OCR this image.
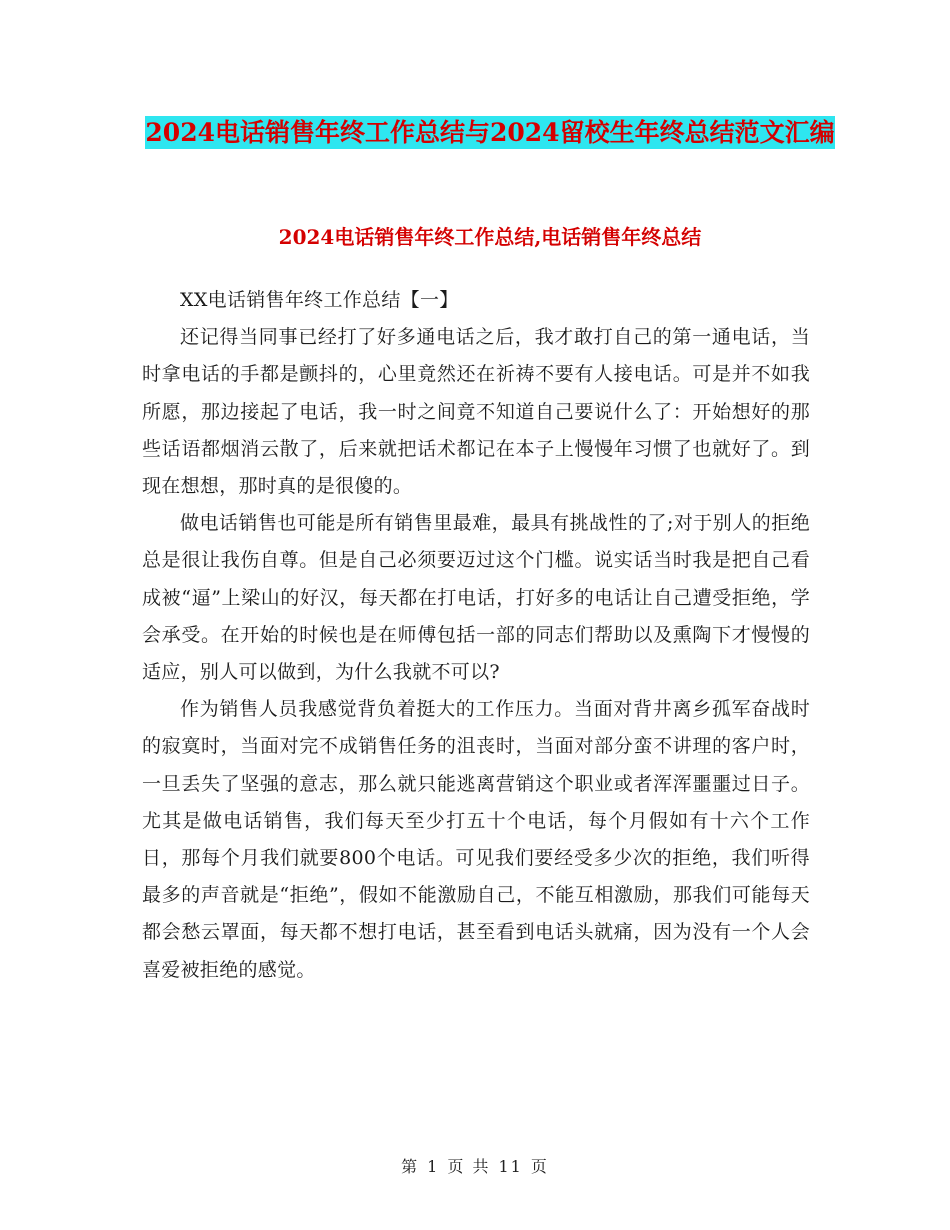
2024电话销售年终工作总结与2024留校生年终总结范文汇编
2024电话销售年终工作总结,电话销售年终总结

XX电话销售年终工作总结【一】

还记得当同事已经打了好多通电话之后，我才敢打自己的第一通电话，当时拿电话的手都是颤抖的，心里竟然还在祈祷不要有人接电话。可是并不如我所愿，那边接起了电话，我一时之间竟不知道自己要说什么了：开始想好的那些话语都烟消云散了，后来就把话术都记在本子上慢慢年习惯了也就好了。到现在想想，那时真的是很傻的。

做电话销售也可能是所有销售里最难，最具有挑战性的了;对于别人的拒绝总是很让我伤自尊。但是自己必须要迈过这个门槛。说实话当时我是把自己看成被“逼”上梁山的好汉，每天都在打电话，打好多的电话让自己遭受拒绝，学会承受。在开始的时候也是在师傅包括一部的同志们帮助以及熏陶下才慢慢的适应，别人可以做到，为什么我就不可以?

作为销售人员我感觉背负着挺大的工作压力。当面对背井离乡孤军奋战时的寂寞时，当面对完不成销售任务的沮丧时，当面对部分蛮不讲理的客户时，一旦丢失了坚强的意志，那么就只能逃离营销这个职业或者浑浑噩噩过日子。尤其是做电话销售，我们每天至少打五十个电话，每个月假如有十六个工作日，那每个月我们就要800个电话。可见我们要经受多少次的拒绝，我们听得最多的声音就是“拒绝”，假如不能激励自己，不能互相激励，那我们可能每天都会愁云罩面，每天都不想打电话，甚至看到电话头就痛，因为没有一个人会喜爱被拒绝的感觉。

第 1 页 共 11 页
